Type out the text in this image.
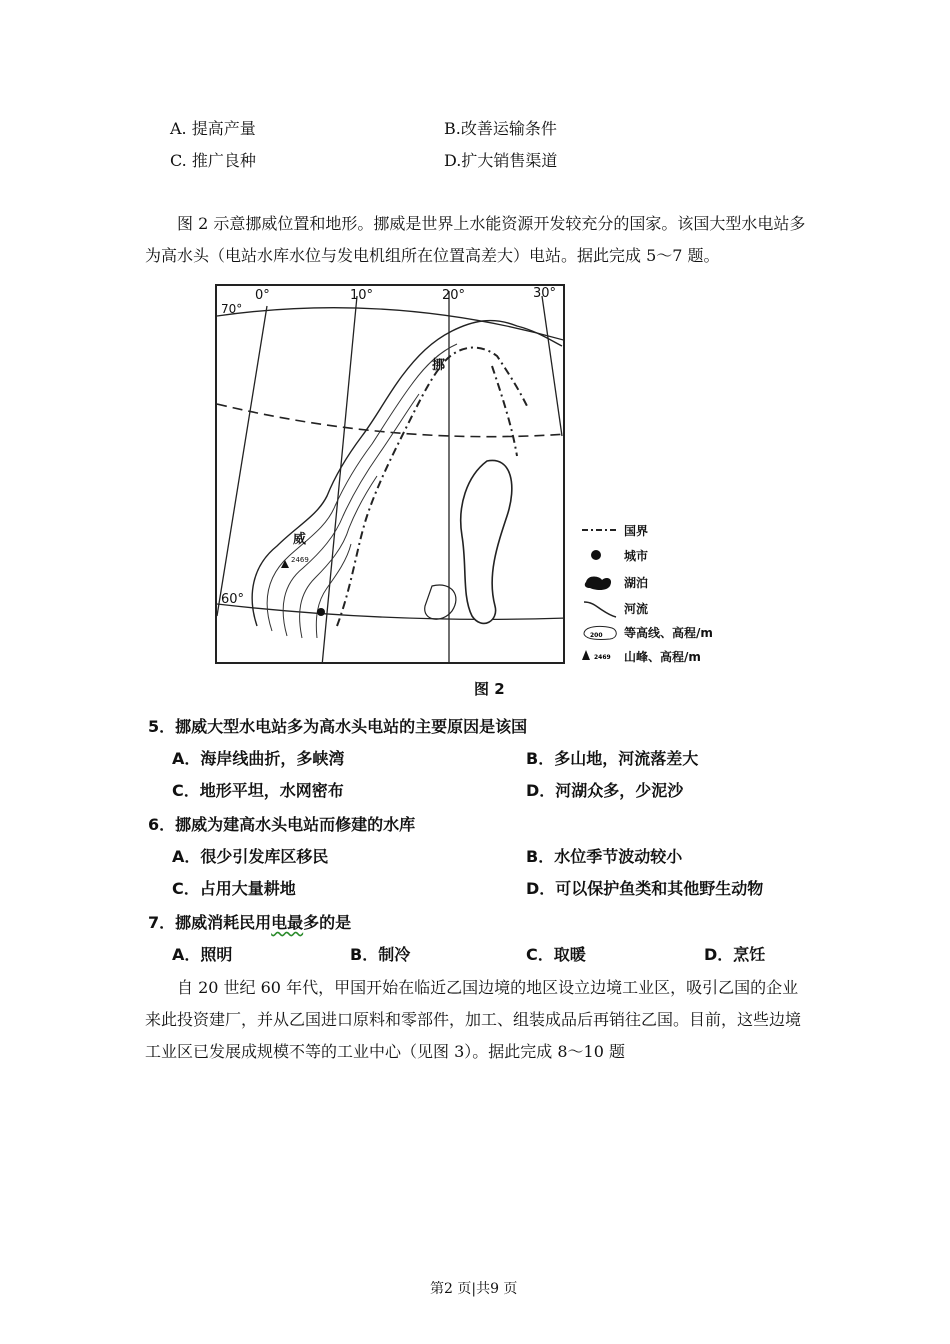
A. 提高产量	B.改善运输条件
C. 推广良种	D.扩大销售渠道
图 2 示意挪威位置和地形。挪威是世界上水能资源开发较充分的国家。该国大型水电站多为高水头（电站水库水位与发电机组所在位置高差大）电站。据此完成 5～7 题。
0°	10°	20°	30°
70°
60°
挪
威
2469
国界
城市
湖泊
河流
200 等高线、高程/m
2469 山峰、高程/m
图 2
5．挪威大型水电站多为高水头电站的主要原因是该国
A．海岸线曲折，多峡湾	B．多山地，河流落差大
C．地形平坦，水网密布	D．河湖众多，少泥沙
6．挪威为建高水头电站而修建的水库
A．很少引发库区移民	B．水位季节波动较小
C．占用大量耕地	D．可以保护鱼类和其他野生动物
7．挪威消耗民用电最多的是
A．照明	B．制冷	C．取暖	D．烹饪
自 20 世纪 60 年代，甲国开始在临近乙国边境的地区设立边境工业区，吸引乙国的企业来此投资建厂，并从乙国进口原料和零部件，加工、组装成品后再销往乙国。目前，这些边境工业区已发展成规模不等的工业中心（见图 3）。据此完成 8～10 题
第2 页|共9 页
